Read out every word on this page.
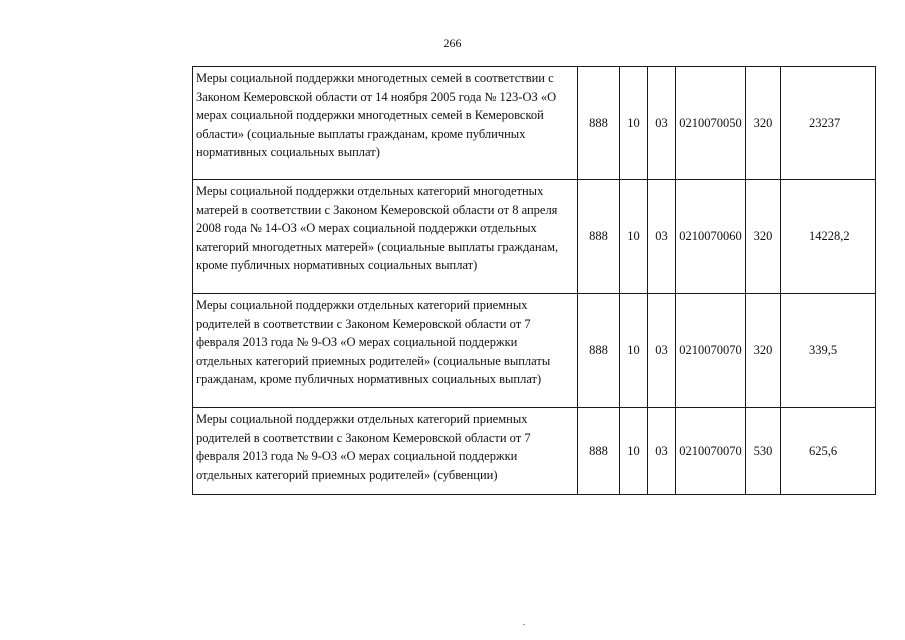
266
Меры социальной поддержки многодетных семей в соответствии с Законом Кемеровской области от 14 ноября 2005 года № 123-ОЗ «О мерах социальной поддержки многодетных семей в Кемеровской области» (социальные выплаты гражданам, кроме публичных нормативных социальных выплат)	888	10	03	0210070050	320	23237
Меры социальной поддержки отдельных категорий многодетных матерей в соответствии с Законом Кемеровской области от 8 апреля 2008 года № 14-ОЗ «О мерах социальной поддержки отдельных категорий многодетных матерей» (социальные выплаты гражданам, кроме публичных нормативных социальных выплат)	888	10	03	0210070060	320	14228,2
Меры социальной поддержки отдельных категорий приемных родителей в соответствии с Законом Кемеровской области от 7 февраля 2013 года № 9-ОЗ «О мерах социальной поддержки отдельных категорий приемных родителей» (социальные выплаты гражданам, кроме публичных нормативных социальных выплат)	888	10	03	0210070070	320	339,5
Меры социальной поддержки отдельных категорий приемных родителей в соответствии с Законом Кемеровской области от 7 февраля 2013 года № 9-ОЗ «О мерах социальной поддержки отдельных категорий приемных родителей» (субвенции)	888	10	03	0210070070	530	625,6
